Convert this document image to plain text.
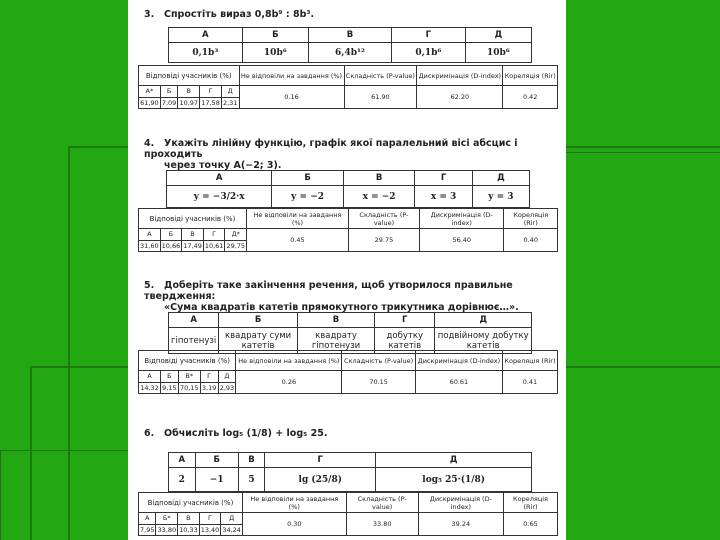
3. Спростіть вираз 0,8b⁹ : 8b³.
А	Б	В	Г	Д
0,1b³	10b⁶	6,4b¹²	0,1b⁶	10b⁶
Відповіді учасників (%)					Не відповіли на завдання (%)	Складність (P-value)	Дискримінація (D-index)	Кореляція (Rir)
А*	Б	В	Г	Д	0.16	61.90	62.20	0.42
61,90	7,09	10,97	17,58	2,31				
4. Укажіть лінійну функцію, графік якої паралельний вісі абсцис і проходить
через точку A(−2; 3).
А	Б	В	Г	Д
y = −3/2·x	y = −2	x = −2	x = 3	y = 3
Відповіді учасників (%)					Не відповіли на завдання (%)	Складність (P-value)	Дискримінація (D-index)	Кореляція (Rir)
А	Б	В	Г	Д*	0.45	29.75	56.40	0.40
31,60	10,66	17,49	10,61	29,75				
5. Доберіть таке закінчення речення, щоб утворилося правильне твердження:
«Сума квадратів катетів прямокутного трикутника дорівнює…».
А	Б	В	Г	Д
гіпотенузі	квадрату суми катетів	квадрату гіпотенузи	добутку катетів	подвійному добутку катетів
Відповіді учасників (%)					Не відповіли на завдання (%)	Складність (P-value)	Дискримінація (D-index)	Кореляція (Rir)
А	Б	В*	Г	Д	0.26	70.15	60.61	0.41
14,32	9,15	70,15	3,19	2,93				
6. Обчисліть log₅ (1/8) + log₅ 25.
А	Б	В	Г	Д
2	−1	5	lg (25/8)	log₅ 25·(1/8)
Відповіді учасників (%)					Не відповіли на завдання (%)	Складність (P-value)	Дискримінація (D-index)	Кореляція (Rir)
А	Б*	В	Г	Д	0.30	33.80	39.24	0.65
7,95	33,80	10,33	13,40	34,24				
